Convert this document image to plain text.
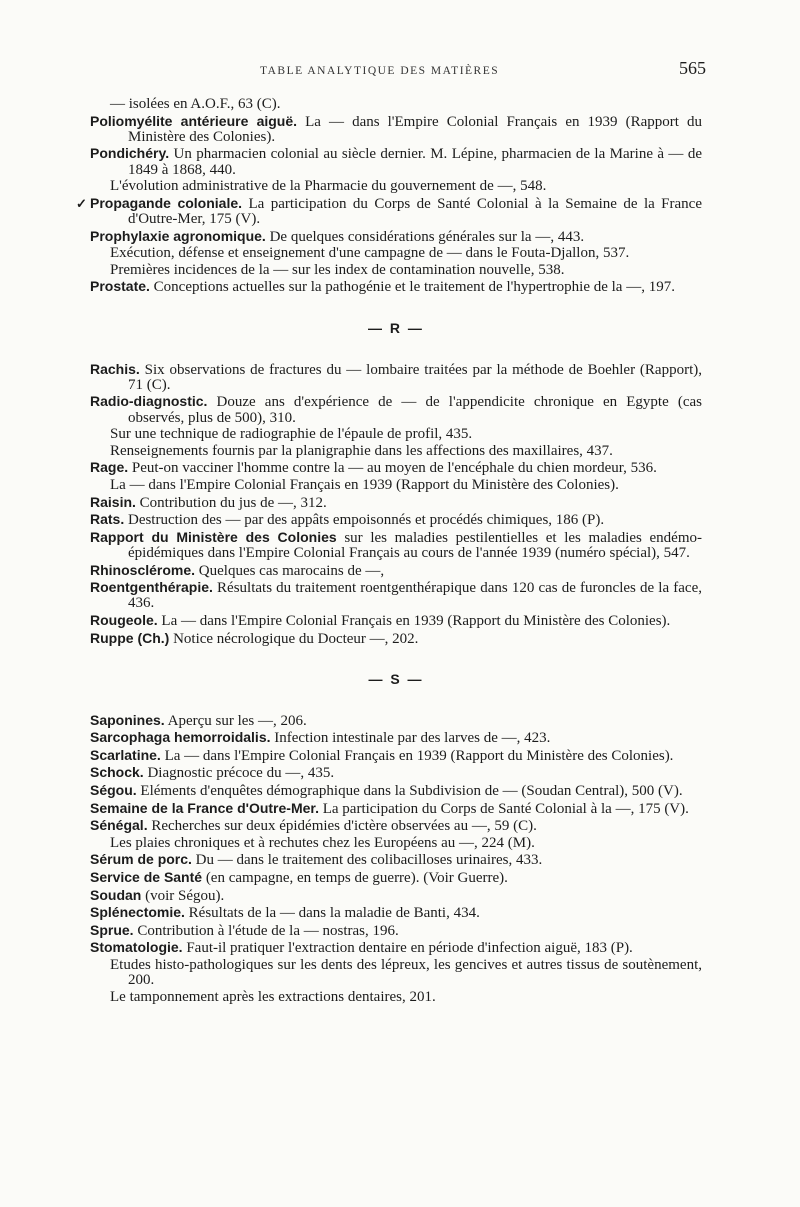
TABLE ANALYTIQUE DES MATIÈRES	565

— isolées en A.O.F., 63 (C).

Poliomyélite antérieure aiguë. La — dans l'Empire Colonial Français en 1939 (Rapport du Ministère des Colonies).

Pondichéry. Un pharmacien colonial au siècle dernier. M. Lépine, pharmacien de la Marine à — de 1849 à 1868, 440.

L'évolution administrative de la Pharmacie du gouvernement de —, 548.

✓ Propagande coloniale. La participation du Corps de Santé Colonial à la Semaine de la France d'Outre-Mer, 175 (V).

Prophylaxie agronomique. De quelques considérations générales sur la —, 443.

Exécution, défense et enseignement d'une campagne de — dans le Fouta-Djallon, 537.

Premières incidences de la — sur les index de contamination nouvelle, 538.

Prostate. Conceptions actuelles sur la pathogénie et le traitement de l'hypertrophie de la —, 197.

— R —

Rachis. Six observations de fractures du — lombaire traitées par la méthode de Boehler (Rapport), 71 (C).

Radio-diagnostic. Douze ans d'expérience de — de l'appendicite chronique en Egypte (cas observés, plus de 500), 310.

Sur une technique de radiographie de l'épaule de profil, 435.

Renseignements fournis par la planigraphie dans les affections des maxillaires, 437.

Rage. Peut-on vacciner l'homme contre la — au moyen de l'encéphale du chien mordeur, 536.

La — dans l'Empire Colonial Français en 1939 (Rapport du Ministère des Colonies).

Raisin. Contribution du jus de —, 312.

Rats. Destruction des — par des appâts empoisonnés et procédés chimiques, 186 (P).

Rapport du Ministère des Colonies sur les maladies pestilentielles et les maladies endémo-épidémiques dans l'Empire Colonial Français au cours de l'année 1939 (numéro spécial), 547.

Rhinosclérome. Quelques cas marocains de —,

Roentgenthérapie. Résultats du traitement roentgenthérapique dans 120 cas de furoncles de la face, 436.

Rougeole. La — dans l'Empire Colonial Français en 1939 (Rapport du Ministère des Colonies).

Ruppe (Ch.) Notice nécrologique du Docteur —, 202.

— S —

Saponines. Aperçu sur les —, 206.

Sarcophaga hemorroidalis. Infection intestinale par des larves de —, 423.

Scarlatine. La — dans l'Empire Colonial Français en 1939 (Rapport du Ministère des Colonies).

Schock. Diagnostic précoce du —, 435.

Ségou. Eléments d'enquêtes démographique dans la Subdivision de — (Soudan Central), 500 (V).

Semaine de la France d'Outre-Mer. La participation du Corps de Santé Colonial à la —, 175 (V).

Sénégal. Recherches sur deux épidémies d'ictère observées au —, 59 (C).

Les plaies chroniques et à rechutes chez les Européens au —, 224 (M).

Sérum de porc. Du — dans le traitement des colibacilloses urinaires, 433.

Service de Santé (en campagne, en temps de guerre). (Voir Guerre).

Soudan (voir Ségou).

Splénectomie. Résultats de la — dans la maladie de Banti, 434.

Sprue. Contribution à l'étude de la — nostras, 196.

Stomatologie. Faut-il pratiquer l'extraction dentaire en période d'infection aiguë, 183 (P).

Etudes histo-pathologiques sur les dents des lépreux, les gencives et autres tissus de soutènement, 200.

Le tamponnement après les extractions dentaires, 201.
